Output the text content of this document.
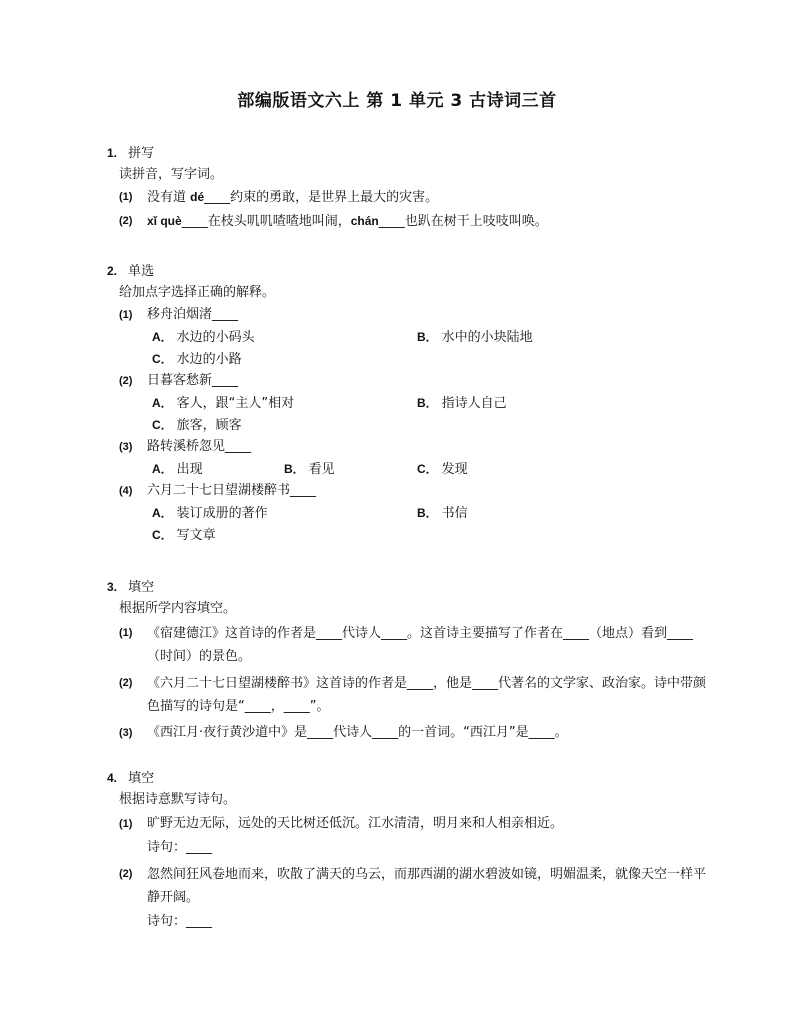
部编版语文六上 第 1 单元 3 古诗词三首
1. 拼写
读拼音，写字词。
(1) 没有道 dé____约束的勇敢，是世界上最大的灾害。
(2) xǐ què____在枝头叽叽喳喳地叫闹，chán____也趴在树干上吱吱叫唤。
2. 单选
给加点字选择正确的解释。
(1) 移舟泊烟渚____
A． 水边的小码头	B． 水中的小块陆地
C． 水边的小路
(2) 日暮客愁新____
A． 客人，跟“主人”相对	B． 指诗人自己
C． 旅客，顾客
(3) 路转溪桥忽见____
A． 出现	B． 看见	C． 发现
(4) 六月二十七日望湖楼醉书____
A． 装订成册的著作	B． 书信
C． 写文章
3. 填空
根据所学内容填空。
(1) 《宿建德江》这首诗的作者是____代诗人____。这首诗主要描写了作者在____（地点）看到____（时间）的景色。
(2) 《六月二十七日望湖楼醉书》这首诗的作者是____，他是____代著名的文学家、政治家。诗中带颜色描写的诗句是“____，____”。
(3) 《西江月·夜行黄沙道中》是____代诗人____的一首词。“西江月”是____。
4. 填空
根据诗意默写诗句。
(1) 旷野无边无际，远处的天比树还低沉。江水清清，明月来和人相亲相近。
诗句：____
(2) 忽然间狂风卷地而来，吹散了满天的乌云，而那西湖的湖水碧波如镜，明媚温柔，就像天空一样平静开阔。
诗句：____
